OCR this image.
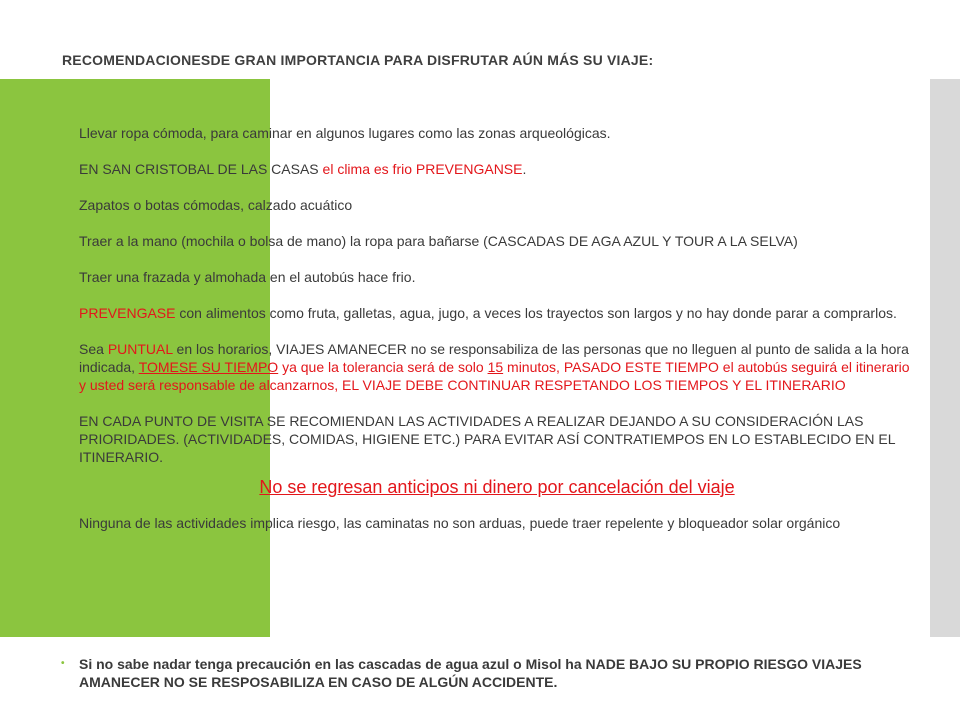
RECOMENDACIONESDE GRAN IMPORTANCIA PARA DISFRUTAR AÚN MÁS SU VIAJE:

Llevar ropa cómoda, para caminar en algunos lugares como las zonas arqueológicas.

EN SAN CRISTOBAL DE LAS CASAS el clima es frio PREVENGANSE.

Zapatos o botas cómodas, calzado acuático

Traer a la mano (mochila o bolsa de mano) la ropa para bañarse (CASCADAS DE AGA AZUL Y TOUR A LA SELVA)

Traer una frazada y almohada en el autobús hace frio.

PREVENGASE con alimentos como fruta, galletas, agua, jugo, a veces los trayectos son largos y no hay donde parar a comprarlos.

Sea PUNTUAL en los horarios, VIAJES AMANECER no se responsabiliza de las personas que no lleguen al punto de salida a la hora indicada, TOMESE SU TIEMPO ya que la tolerancia será de solo 15 minutos, PASADO ESTE TIEMPO el autobús seguirá el itinerario y usted será responsable de alcanzarnos, EL VIAJE DEBE CONTINUAR RESPETANDO LOS TIEMPOS Y EL ITINERARIO

EN CADA PUNTO DE VISITA SE RECOMIENDAN LAS ACTIVIDADES A REALIZAR DEJANDO A SU CONSIDERACIÓN LAS PRIORIDADES. (ACTIVIDADES, COMIDAS, HIGIENE ETC.) PARA EVITAR ASÍ CONTRATIEMPOS EN LO ESTABLECIDO EN EL ITINERARIO.

No se regresan anticipos ni dinero por cancelación del viaje

Ninguna de las actividades implica riesgo, las caminatas no son arduas, puede traer repelente y bloqueador solar orgánico

• Si no sabe nadar tenga precaución en las cascadas de agua azul o Misol ha NADE BAJO SU PROPIO RIESGO VIAJES AMANECER NO SE RESPOSABILIZA EN CASO DE ALGÚN ACCIDENTE.
